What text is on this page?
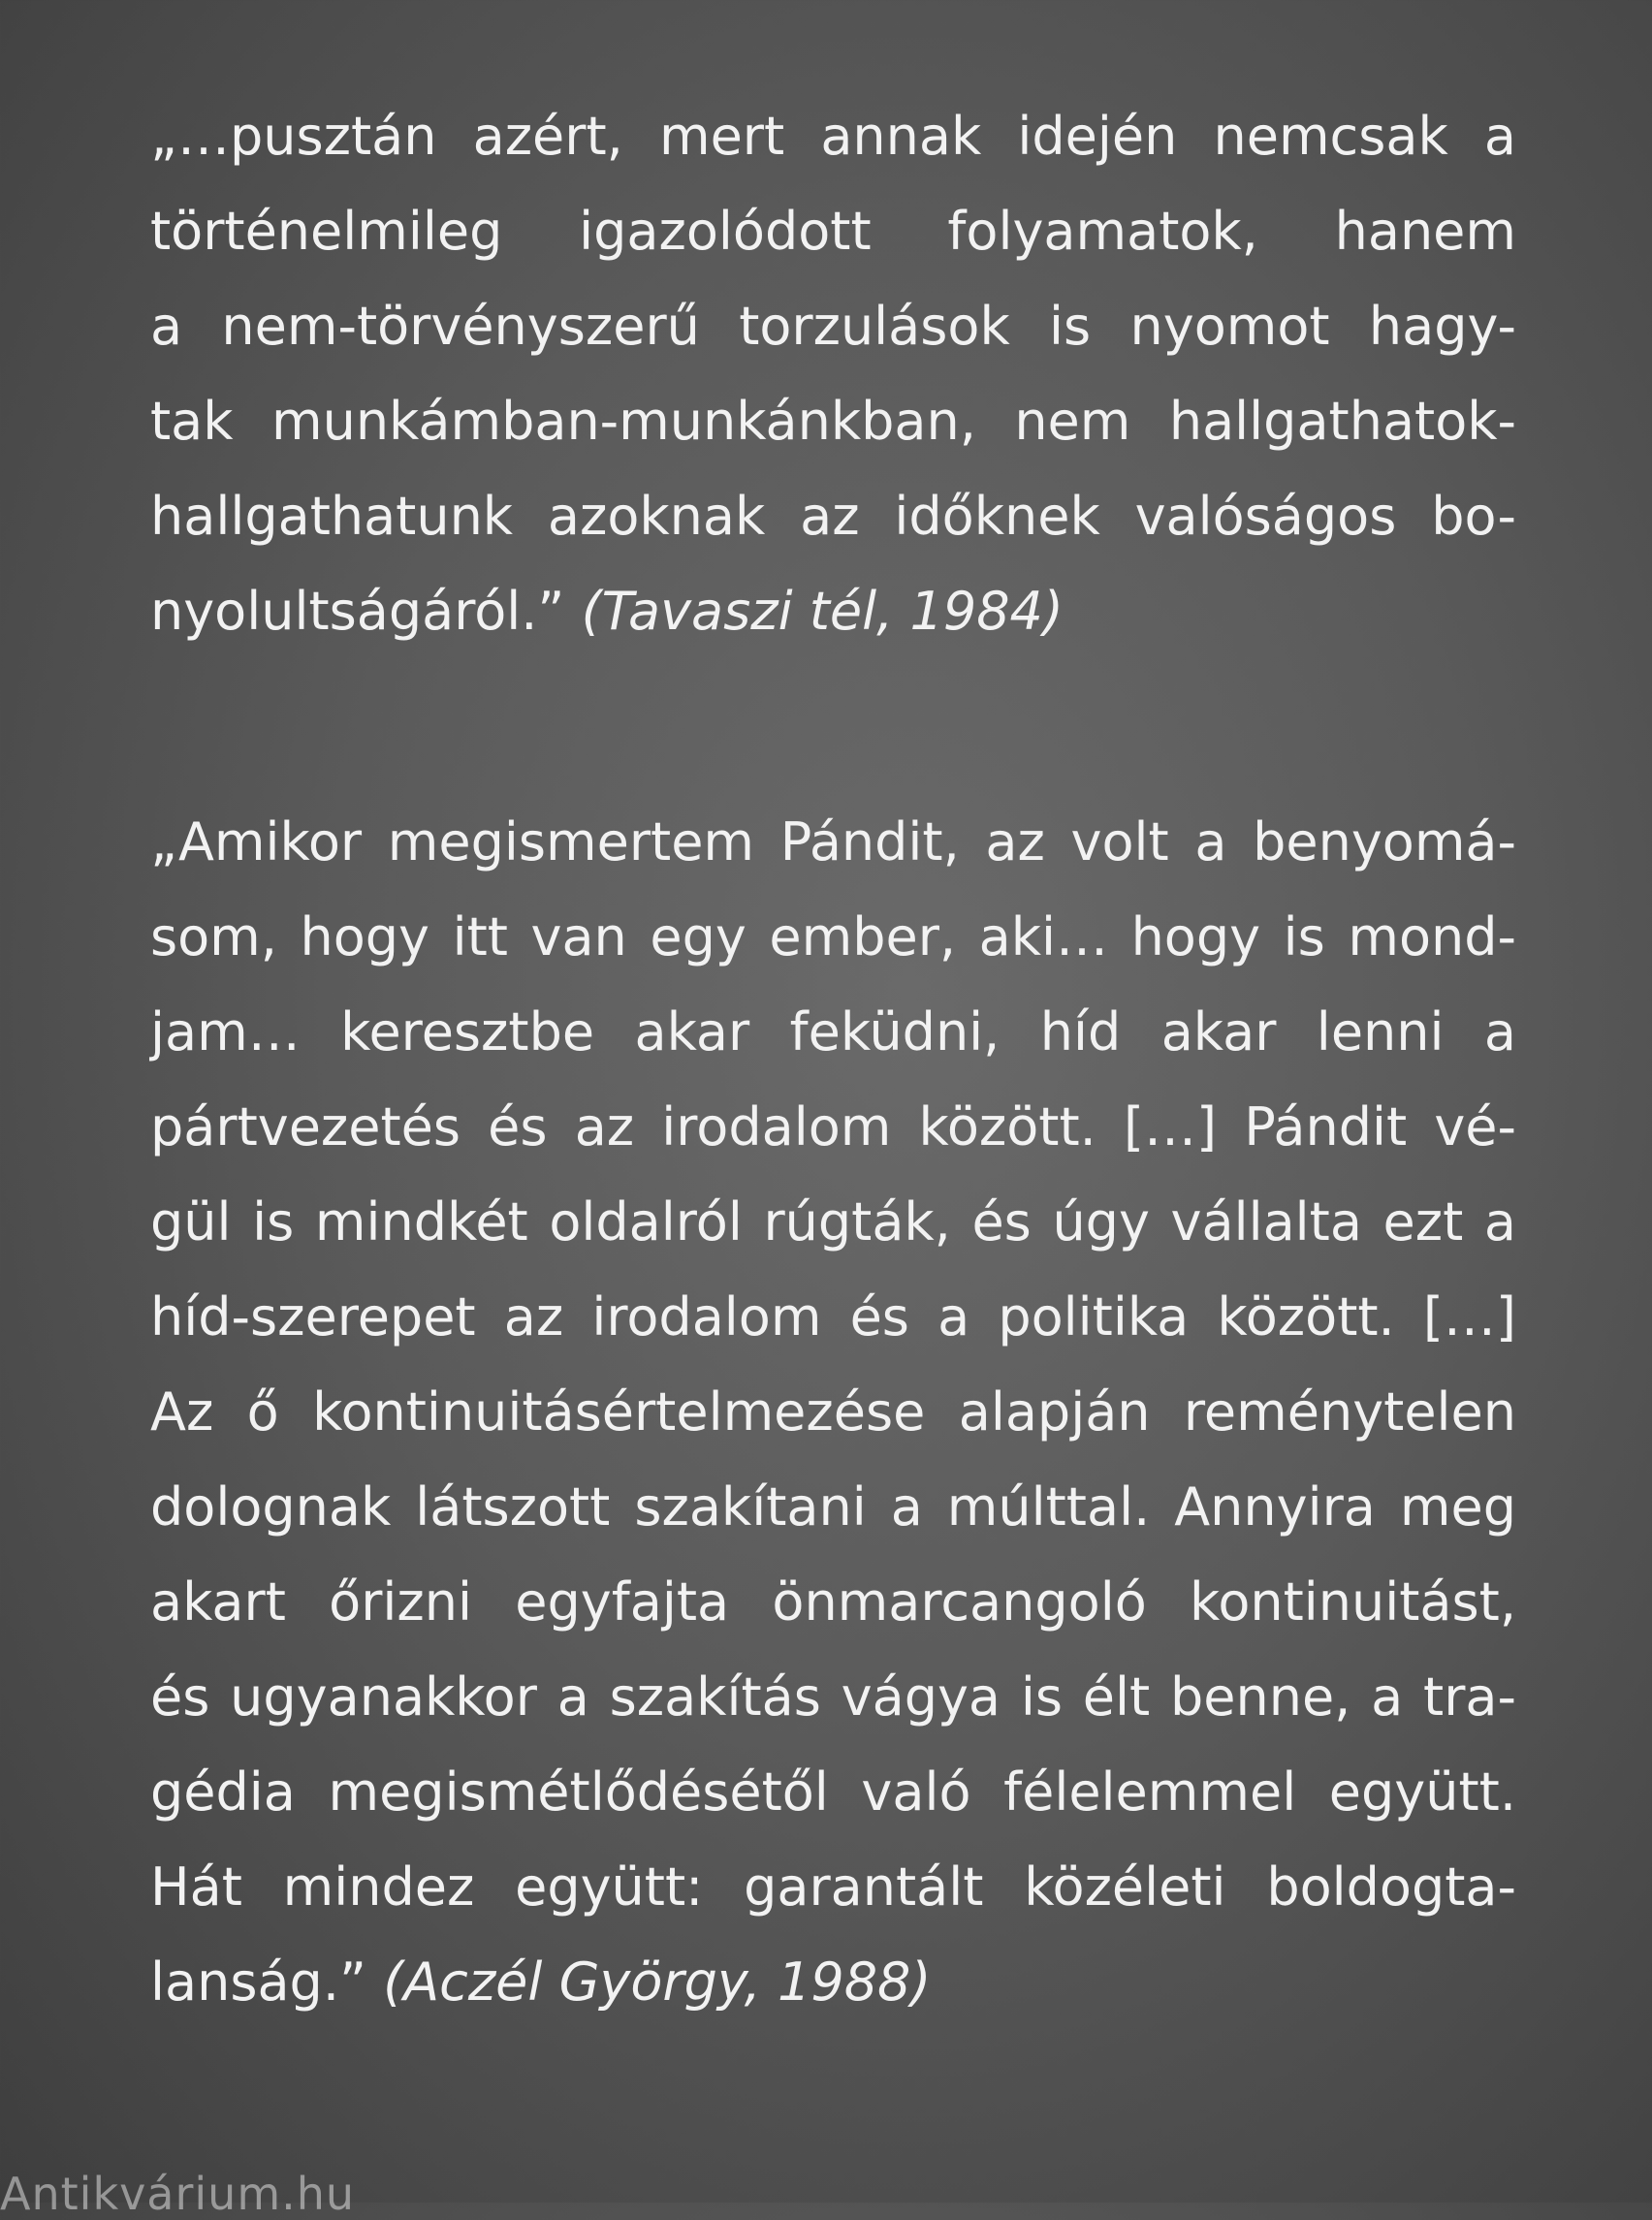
„…pusztán azért, mert annak idején nemcsak a
történelmileg igazolódott folyamatok, hanem
a nem-törvényszerű torzulások is nyomot hagy-
tak munkámban-munkánkban, nem hallgathatok-
hallgathatunk azoknak az időknek valóságos bo-
nyolultságáról.” (Tavaszi tél, 1984)
„Amikor megismertem Pándit, az volt a benyomá-
som, hogy itt van egy ember, aki… hogy is mond-
jam… keresztbe akar feküdni, híd akar lenni a
pártvezetés és az irodalom között. […] Pándit vé-
gül is mindkét oldalról rúgták, és úgy vállalta ezt a
híd-szerepet az irodalom és a politika között. […]
Az ő kontinuitásértelmezése alapján reménytelen
dolognak látszott szakítani a múlttal. Annyira meg
akart őrizni egyfajta önmarcangoló kontinuitást,
és ugyanakkor a szakítás vágya is élt benne, a tra-
gédia megismétlődésétől való félelemmel együtt.
Hát mindez együtt: garantált közéleti boldogta-
lanság.” (Aczél György, 1988)
Antikvárium.hu
